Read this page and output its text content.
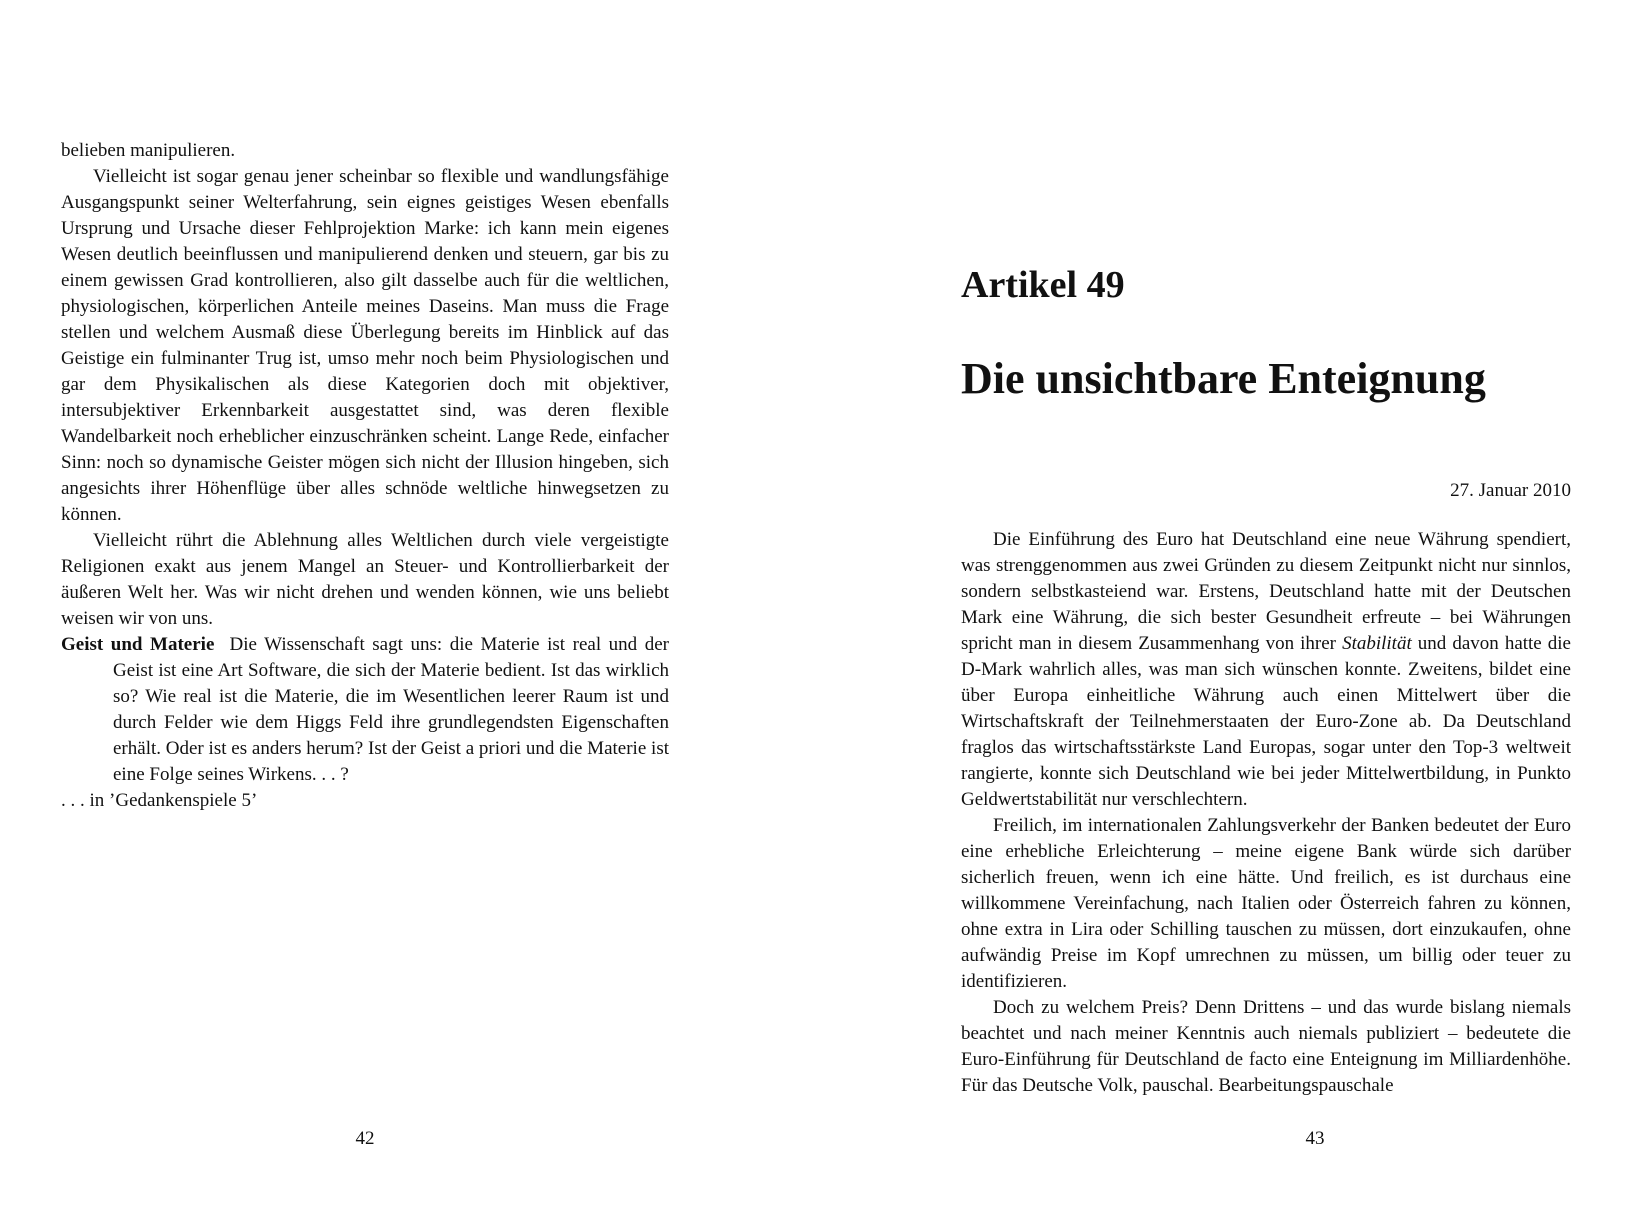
belieben manipulieren.

Vielleicht ist sogar genau jener scheinbar so flexible und wandlungsfähige Ausgangspunkt seiner Welterfahrung, sein eignes geistiges Wesen ebenfalls Ursprung und Ursache dieser Fehlprojektion Marke: ich kann mein eigenes Wesen deutlich beeinflussen und manipulierend denken und steuern, gar bis zu einem gewissen Grad kontrollieren, also gilt dasselbe auch für die weltlichen, physiologischen, körperlichen Anteile meines Daseins. Man muss die Frage stellen und welchem Ausmaß diese Überlegung bereits im Hinblick auf das Geistige ein fulminanter Trug ist, umso mehr noch beim Physiologischen und gar dem Physikalischen als diese Kategorien doch mit objektiver, intersubjektiver Erkennbarkeit ausgestattet sind, was deren flexible Wandelbarkeit noch erheblicher einzuschränken scheint. Lange Rede, einfacher Sinn: noch so dynamische Geister mögen sich nicht der Illusion hingeben, sich angesichts ihrer Höhenflüge über alles schnöde weltliche hinwegsetzen zu können.

Vielleicht rührt die Ablehnung alles Weltlichen durch viele vergeistigte Religionen exakt aus jenem Mangel an Steuer- und Kontrollierbarkeit der äußeren Welt her. Was wir nicht drehen und wenden können, wie uns beliebt weisen wir von uns.

Geist und Materie Die Wissenschaft sagt uns: die Materie ist real und der Geist ist eine Art Software, die sich der Materie bedient. Ist das wirklich so? Wie real ist die Materie, die im Wesentlichen leerer Raum ist und durch Felder wie dem Higgs Feld ihre grundlegendsten Eigenschaften erhält. Oder ist es anders herum? Ist der Geist a priori und die Materie ist eine Folge seines Wirkens. . . ?

. . . in ’Gedankenspiele 5’

42
Artikel 49
Die unsichtbare Enteignung
27. Januar 2010

Die Einführung des Euro hat Deutschland eine neue Währung spendiert, was strenggenommen aus zwei Gründen zu diesem Zeitpunkt nicht nur sinnlos, sondern selbstkasteiend war. Erstens, Deutschland hatte mit der Deutschen Mark eine Währung, die sich bester Gesundheit erfreute – bei Währungen spricht man in diesem Zusammenhang von ihrer Stabilität und davon hatte die D-Mark wahrlich alles, was man sich wünschen konnte. Zweitens, bildet eine über Europa einheitliche Währung auch einen Mittelwert über die Wirtschaftskraft der Teilnehmerstaaten der Euro-Zone ab. Da Deutschland fraglos das wirtschaftsstärkste Land Europas, sogar unter den Top-3 weltweit rangierte, konnte sich Deutschland wie bei jeder Mittelwertbildung, in Punkto Geldwertstabilität nur verschlechtern.

Freilich, im internationalen Zahlungsverkehr der Banken bedeutet der Euro eine erhebliche Erleichterung – meine eigene Bank würde sich darüber sicherlich freuen, wenn ich eine hätte. Und freilich, es ist durchaus eine willkommene Vereinfachung, nach Italien oder Österreich fahren zu können, ohne extra in Lira oder Schilling tauschen zu müssen, dort einzukaufen, ohne aufwändig Preise im Kopf umrechnen zu müssen, um billig oder teuer zu identifizieren.

Doch zu welchem Preis? Denn Drittens – und das wurde bislang niemals beachtet und nach meiner Kenntnis auch niemals publiziert – bedeutete die Euro-Einführung für Deutschland de facto eine Enteignung im Milliardenhöhe. Für das Deutsche Volk, pauschal. Bearbeitungspauschale

43
